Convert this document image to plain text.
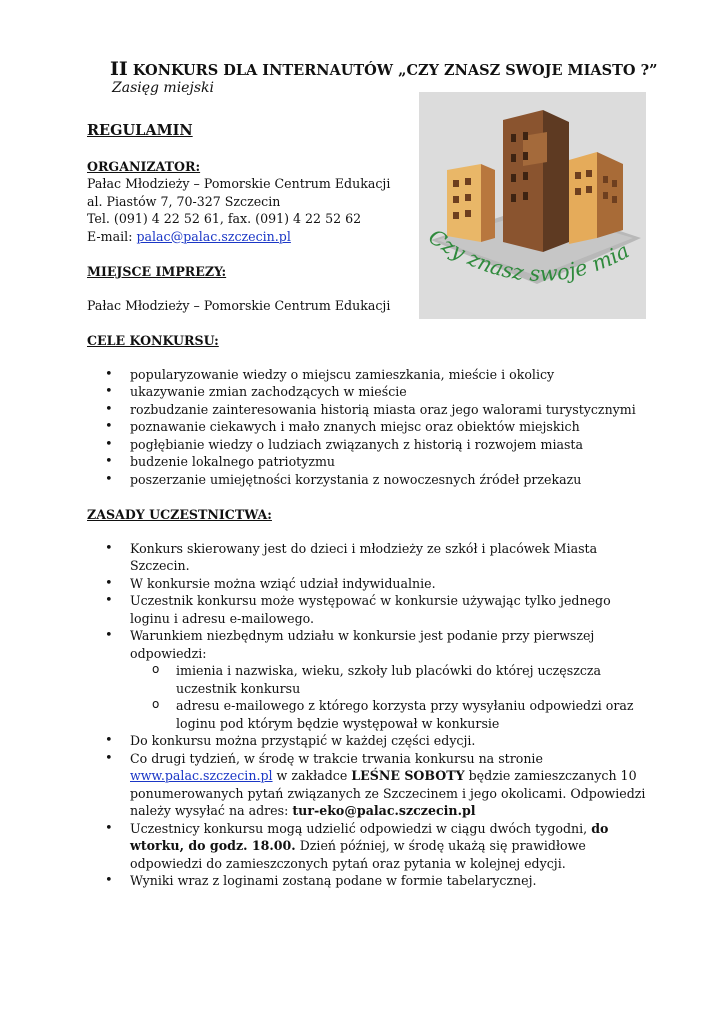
II KONKURS DLA INTERNAUTÓW „CZY ZNASZ SWOJE MIASTO ?”
Zasięg miejski
Czy znasz swoje mia
REGULAMIN

ORGANIZATOR:

Pałac Młodzieży – Pomorskie Centrum Edukacji

al. Piastów 7, 70-327 Szczecin

Tel. (091) 4 22 52 61, fax. (091) 4 22 52 62

E-mail: palac@palac.szczecin.pl

MIEJSCE IMPREZY:

Pałac Młodzieży – Pomorskie Centrum Edukacji

CELE KONKURSU:

• popularyzowanie wiedzy o miejscu zamieszkania, mieście i okolicy
• ukazywanie zmian zachodzących w mieście
• rozbudzanie zainteresowania historią miasta oraz jego walorami turystycznymi
• poznawanie ciekawych i mało znanych miejsc oraz obiektów miejskich
• pogłębianie wiedzy o ludziach związanych z historią i rozwojem miasta
• budzenie lokalnego patriotyzmu
• poszerzanie umiejętności korzystania z nowoczesnych źródeł przekazu

ZASADY UCZESTNICTWA:

• Konkurs skierowany jest do dzieci i młodzieży ze szkół i placówek Miasta Szczecin.
• W konkursie można wziąć udział indywidualnie.
• Uczestnik konkursu może występować w konkursie używając tylko jednego loginu i adresu e-mailowego.
• Warunkiem niezbędnym udziału w konkursie jest podanie przy pierwszej odpowiedzi:
o imienia i nazwiska, wieku, szkoły lub placówki do której uczęszcza uczestnik konkursu
o adresu e-mailowego z którego korzysta przy wysyłaniu odpowiedzi oraz loginu pod którym będzie występował w konkursie
• Do konkursu można przystąpić w każdej części edycji.
• Co drugi tydzień, w środę w trakcie trwania konkursu na stronie www.palac.szczecin.pl w zakładce LEŚNE SOBOTY będzie zamieszczanych 10 ponumerowanych pytań związanych ze Szczecinem i jego okolicami. Odpowiedzi należy wysyłać na adres: tur-eko@palac.szczecin.pl
• Uczestnicy konkursu mogą udzielić odpowiedzi w ciągu dwóch tygodni, do wtorku, do godz. 18.00. Dzień później, w środę ukażą się prawidłowe odpowiedzi do zamieszczonych pytań oraz pytania w kolejnej edycji.
• Wyniki wraz z loginami zostaną podane w formie tabelarycznej.
